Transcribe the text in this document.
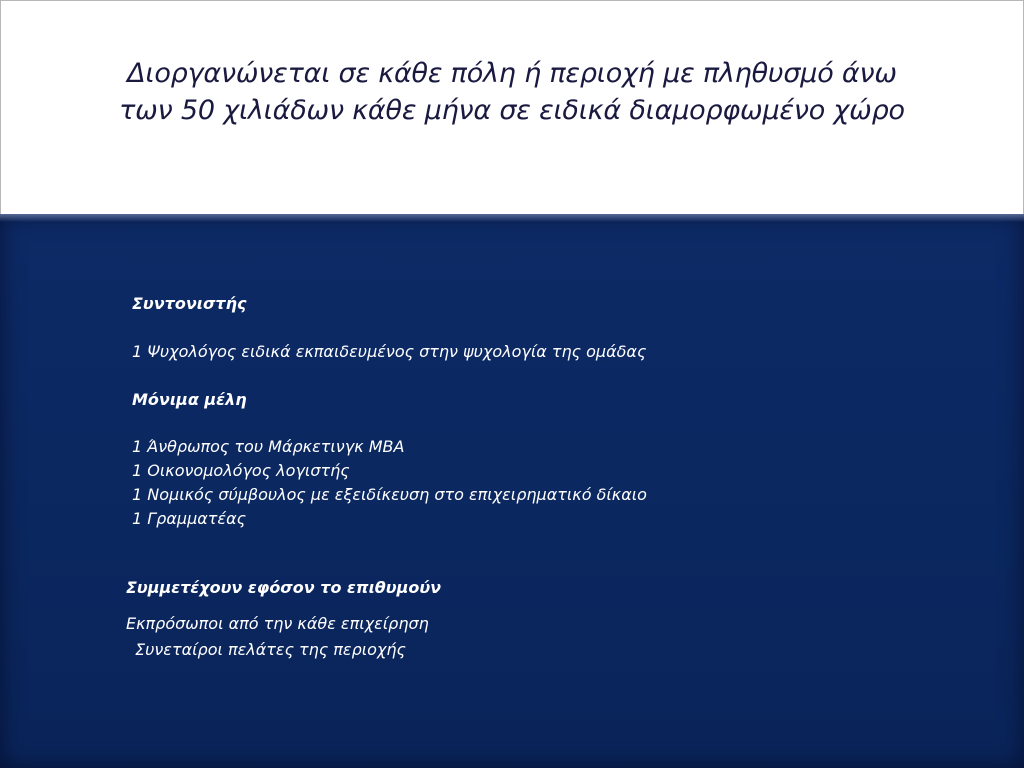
Διοργανώνεται σε κάθε πόλη ή περιοχή με πληθυσμό άνω
των 50 χιλιάδων κάθε μήνα σε ειδικά διαμορφωμένο χώρο

Συντονιστής

1 Ψυχολόγος ειδικά εκπαιδευμένος στην ψυχολογία της ομάδας

Μόνιμα μέλη

1 Άνθρωπος του Μάρκετινγκ MBA
1 Οικονομολόγος λογιστής
1 Νομικός σύμβουλος με εξειδίκευση στο επιχειρηματικό δίκαιο
1 Γραμματέας

Συμμετέχουν εφόσον το επιθυμούν

Εκπρόσωποι από την κάθε επιχείρηση

Συνεταίροι πελάτες της περιοχής
